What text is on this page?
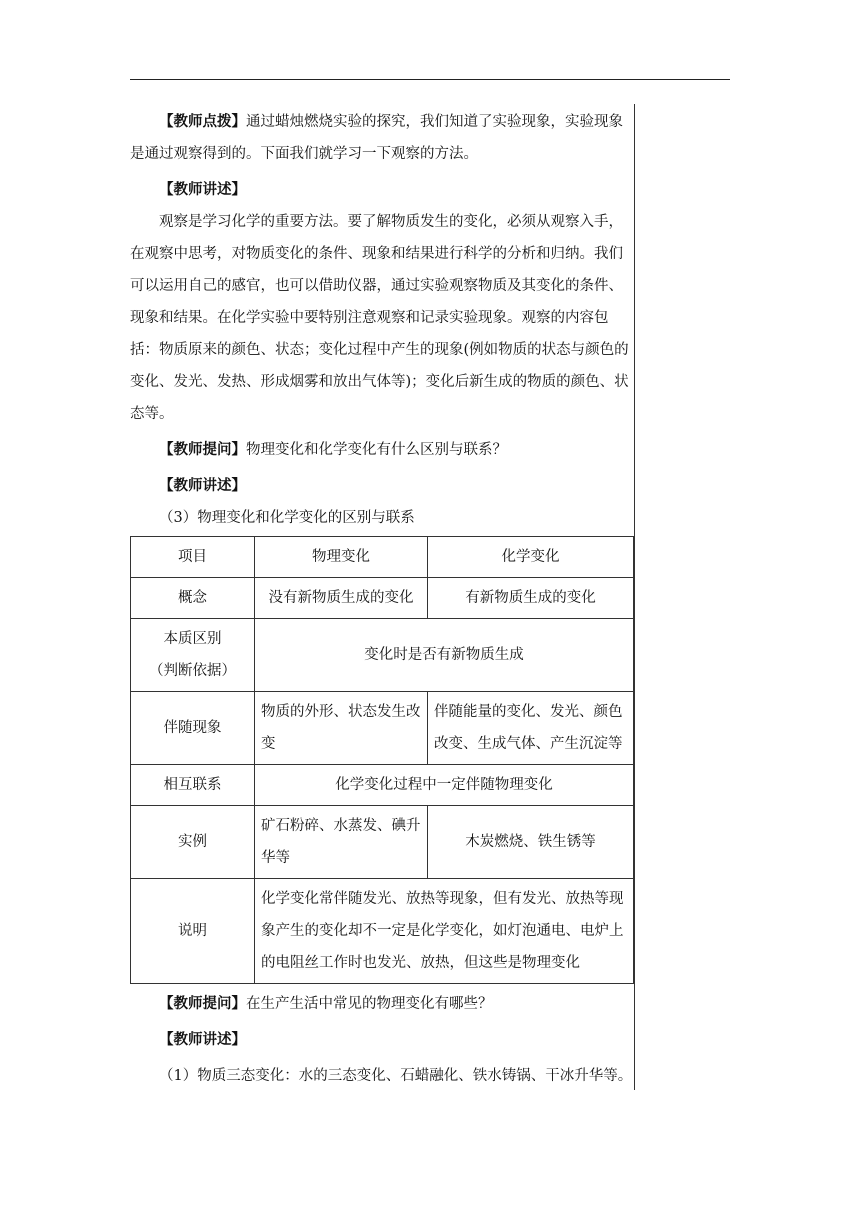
【教师点拨】通过蜡烛燃烧实验的探究，我们知道了实验现象，实验现象是通过观察得到的。下面我们就学习一下观察的方法。

【教师讲述】

观察是学习化学的重要方法。要了解物质发生的变化，必须从观察入手，在观察中思考，对物质变化的条件、现象和结果进行科学的分析和归纳。我们可以运用自己的感官，也可以借助仪器，通过实验观察物质及其变化的条件、现象和结果。在化学实验中要特别注意观察和记录实验现象。观察的内容包括：物质原来的颜色、状态；变化过程中产生的现象(例如物质的状态与颜色的变化、发光、发热、形成烟雾和放出气体等)；变化后新生成的物质的颜色、状态等。

【教师提问】物理变化和化学变化有什么区别与联系？

【教师讲述】

（3）物理变化和化学变化的区别与联系

项目	物理变化	化学变化
概念	没有新物质生成的变化	有新物质生成的变化

本质区别
（判断依据）	变化时是否有新物质生成	
伴随现象	物质的外形、状态发生改变	伴随能量的变化、发光、颜色改变、生成气体、产生沉淀等
相互联系	化学变化过程中一定伴随物理变化	
实例	矿石粉碎、水蒸发、碘升华等	木炭燃烧、铁生锈等
说明	化学变化常伴随发光、放热等现象，但有发光、放热等现象产生的变化却不一定是化学变化，如灯泡通电、电炉上的电阻丝工作时也发光、放热，但这些是物理变化	

【教师提问】在生产生活中常见的物理变化有哪些？

【教师讲述】

（1）物质三态变化：水的三态变化、石蜡融化、铁水铸锅、干冰升华等。
